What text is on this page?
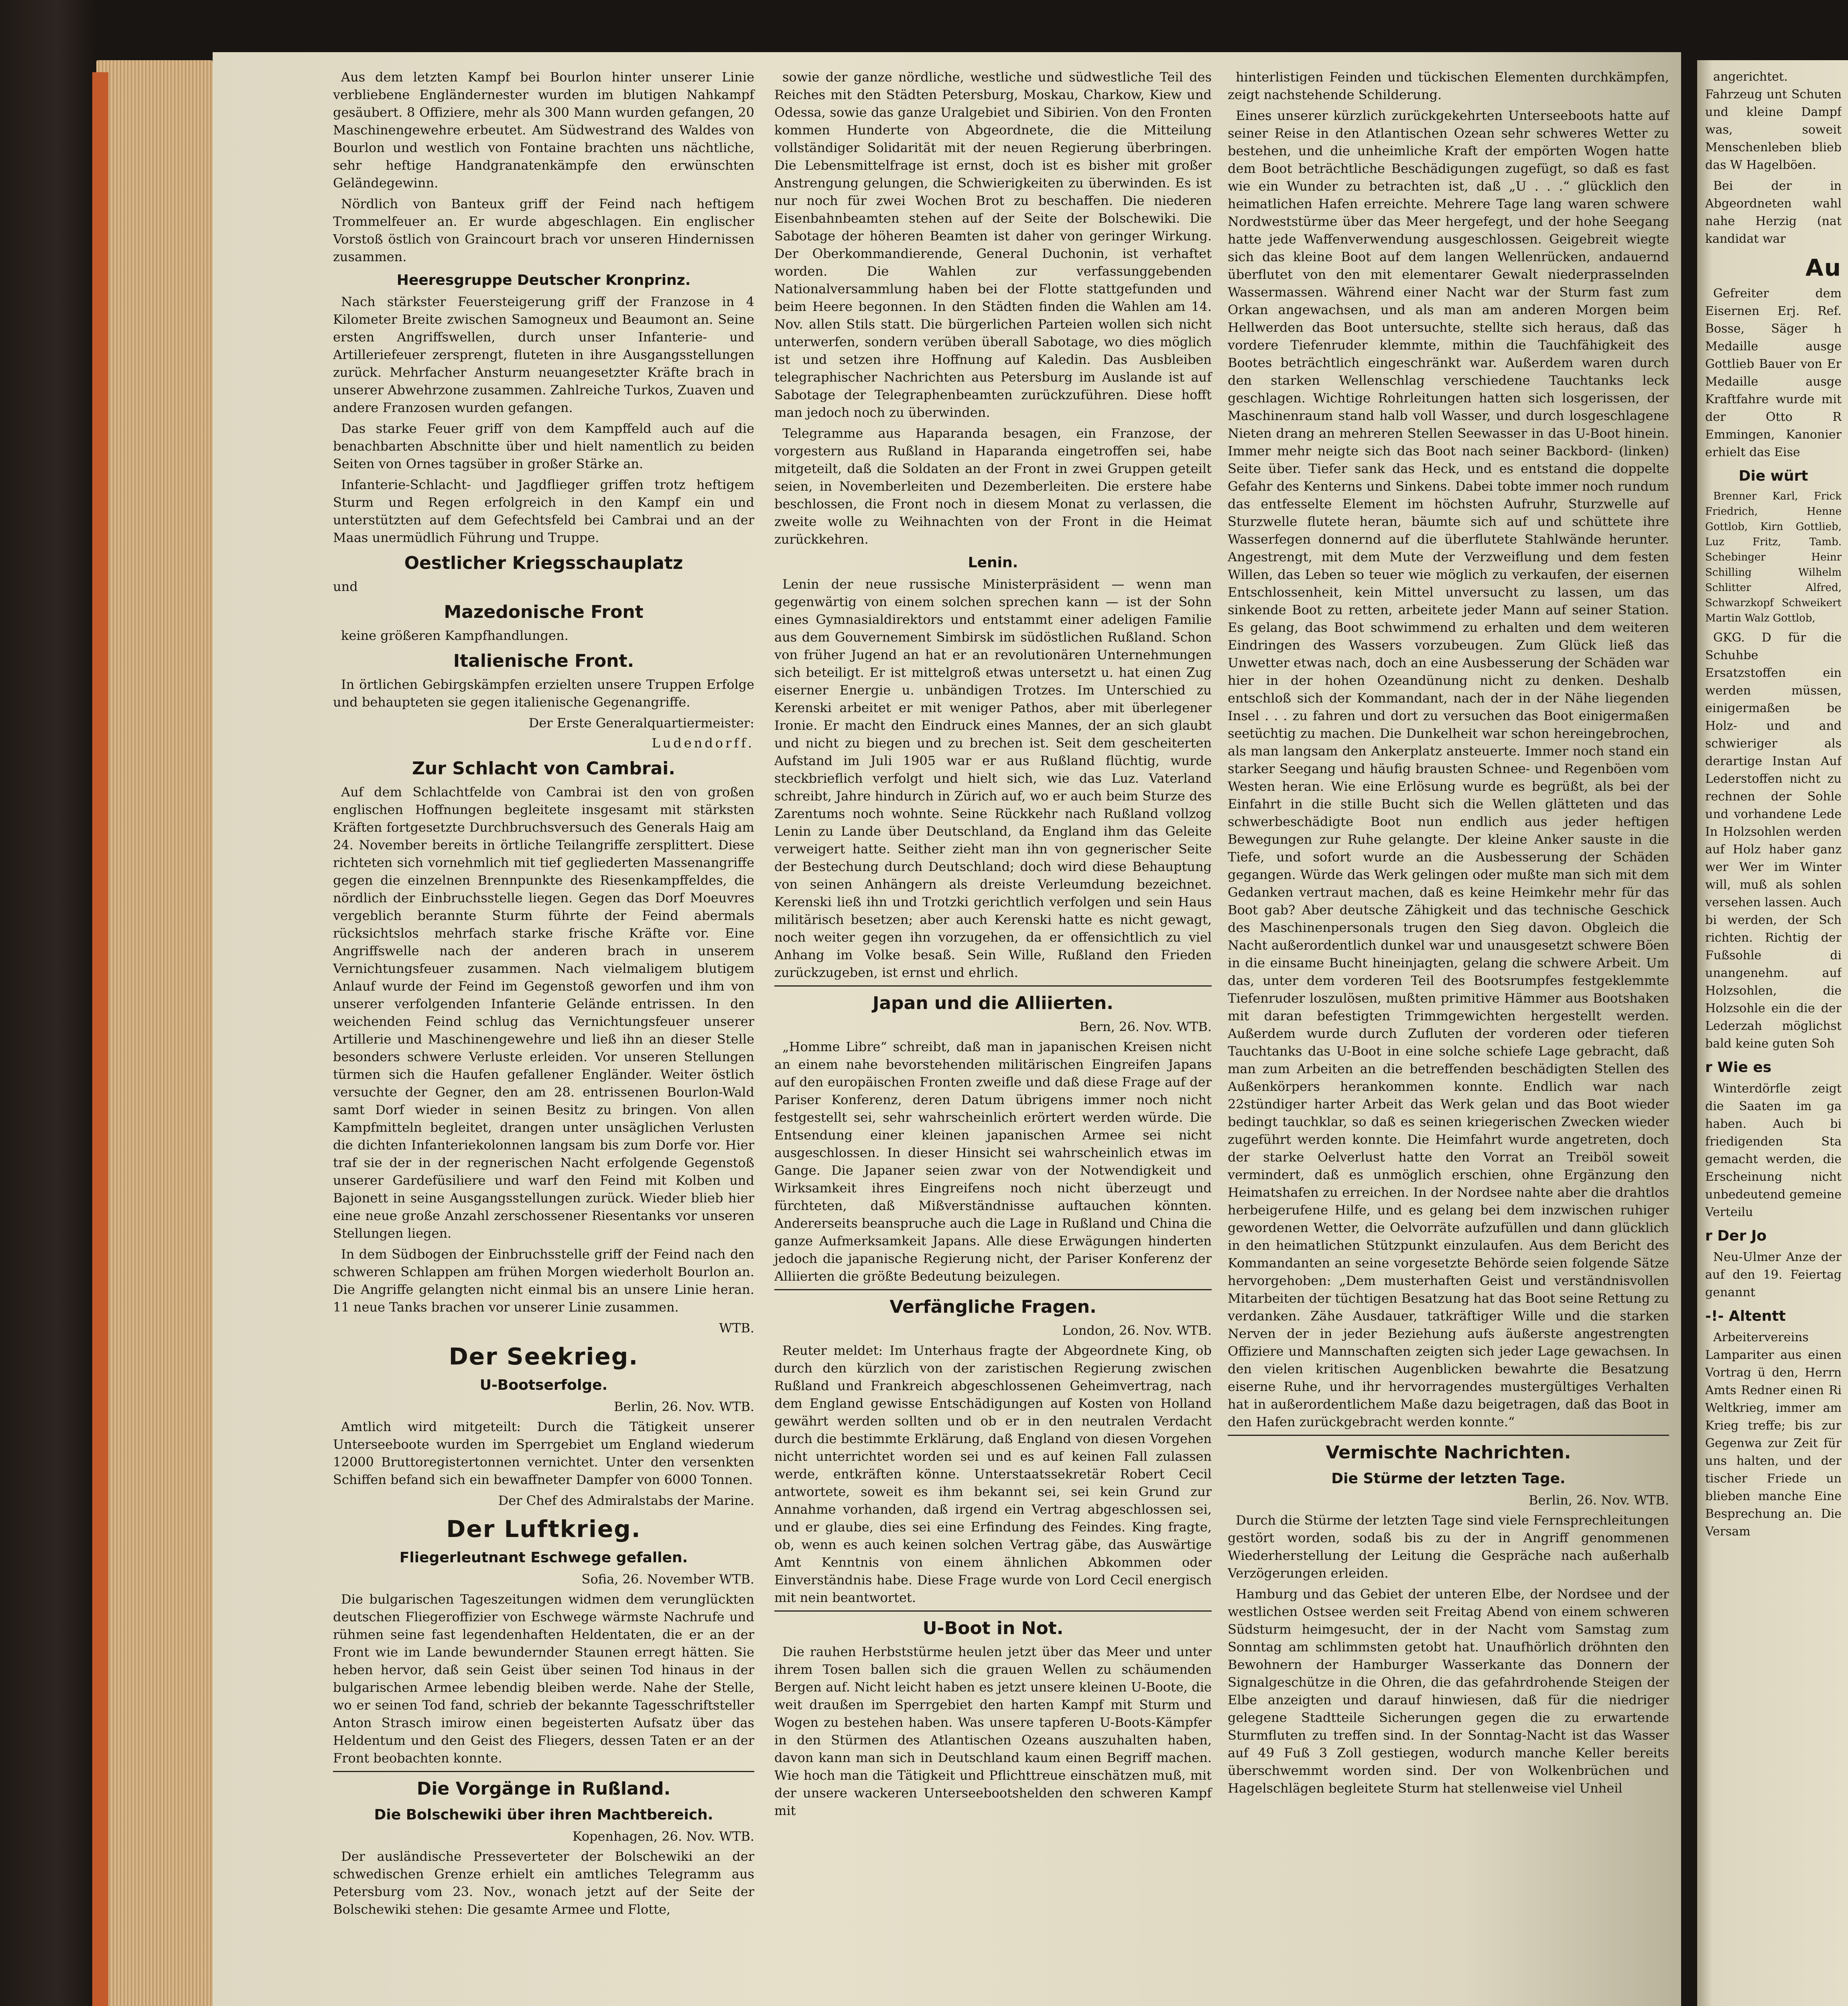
Aus dem letzten Kampf bei Bourlon hinter unserer Linie verbliebene Engländernester wurden im blutigen Nahkampf gesäubert. 8 Offiziere, mehr als 300 Mann wurden gefangen, 20 Maschinengewehre erbeutet. Am Südwestrand des Waldes von Bourlon und westlich von Fontaine brachten uns nächtliche, sehr heftige Handgranatenkämpfe den erwünschten Geländegewinn.

Nördlich von Banteux griff der Feind nach heftigem Trommelfeuer an. Er wurde abgeschlagen. Ein englischer Vorstoß östlich von Graincourt brach vor unseren Hindernissen zusammen.

Heeresgruppe Deutscher Kronprinz.

Nach stärkster Feuersteigerung griff der Franzose in 4 Kilometer Breite zwischen Samogneux und Beaumont an. Seine ersten Angriffswellen, durch unser Infanterie- und Artilleriefeuer zersprengt, fluteten in ihre Ausgangsstellungen zurück. Mehrfacher Ansturm neuangesetzter Kräfte brach in unserer Abwehrzone zusammen. Zahlreiche Turkos, Zuaven und andere Franzosen wurden gefangen.

Das starke Feuer griff von dem Kampffeld auch auf die benachbarten Abschnitte über und hielt namentlich zu beiden Seiten von Ornes tagsüber in großer Stärke an.

Infanterie-Schlacht- und Jagdflieger griffen trotz heftigem Sturm und Regen erfolgreich in den Kampf ein und unterstützten auf dem Gefechtsfeld bei Cambrai und an der Maas unermüdlich Führung und Truppe.

Oestlicher Kriegsschauplatz
und
Mazedonische Front

keine größeren Kampfhandlungen.

Italienische Front.

In örtlichen Gebirgskämpfen erzielten unsere Truppen Erfolge und behaupteten sie gegen italienische Gegenangriffe.

Der Erste Generalquartiermeister:
Ludendorff.
Zur Schlacht von Cambrai.

Auf dem Schlachtfelde von Cambrai ist den von großen englischen Hoffnungen begleitete insgesamt mit stärksten Kräften fortgesetzte Durchbruchsversuch des Generals Haig am 24. November bereits in örtliche Teilangriffe zersplittert. Diese richteten sich vornehmlich mit tief gegliederten Massenangriffe gegen die einzelnen Brennpunkte des Riesenkampffeldes, die nördlich der Einbruchsstelle liegen. Gegen das Dorf Moeuvres vergeblich berannte Sturm führte der Feind abermals rücksichtslos mehrfach starke frische Kräfte vor. Eine Angriffswelle nach der anderen brach in unserem Vernichtungsfeuer zusammen. Nach vielmaligem blutigem Anlauf wurde der Feind im Gegenstoß geworfen und ihm von unserer verfolgenden Infanterie Gelände entrissen. In den weichenden Feind schlug das Vernichtungsfeuer unserer Artillerie und Maschinengewehre und ließ ihn an dieser Stelle besonders schwere Verluste erleiden. Vor unseren Stellungen türmen sich die Haufen gefallener Engländer. Weiter östlich versuchte der Gegner, den am 28. entrissenen Bourlon-Wald samt Dorf wieder in seinen Besitz zu bringen. Von allen Kampfmitteln begleitet, drangen unter unsäglichen Verlusten die dichten Infanteriekolonnen langsam bis zum Dorfe vor. Hier traf sie der in der regnerischen Nacht erfolgende Gegenstoß unserer Gardefüsiliere und warf den Feind mit Kolben und Bajonett in seine Ausgangsstellungen zurück. Wieder blieb hier eine neue große Anzahl zerschossener Riesentanks vor unseren Stellungen liegen.

In dem Südbogen der Einbruchsstelle griff der Feind nach den schweren Schlappen am frühen Morgen wiederholt Bourlon an. Die Angriffe gelangten nicht einmal bis an unsere Linie heran. 11 neue Tanks brachen vor unserer Linie zusammen.

WTB.
Der Seekrieg.
U-Bootserfolge.
Berlin, 26. Nov. WTB.

Amtlich wird mitgeteilt: Durch die Tätigkeit unserer Unterseeboote wurden im Sperrgebiet um England wiederum 12000 Bruttoregistertonnen vernichtet. Unter den versenkten Schiffen befand sich ein bewaffneter Dampfer von 6000 Tonnen.

Der Chef des Admiralstabs der Marine.
Der Luftkrieg.
Fliegerleutnant Eschwege gefallen.
Sofia, 26. November WTB.

Die bulgarischen Tageszeitungen widmen dem verunglückten deutschen Fliegeroffizier von Eschwege wärmste Nachrufe und rühmen seine fast legendenhaften Heldentaten, die er an der Front wie im Lande bewundernder Staunen erregt hätten. Sie heben hervor, daß sein Geist über seinen Tod hinaus in der bulgarischen Armee lebendig bleiben werde. Nahe der Stelle, wo er seinen Tod fand, schrieb der bekannte Tagesschriftsteller Anton Strasch imirow einen begeisterten Aufsatz über das Heldentum und den Geist des Fliegers, dessen Taten er an der Front beobachten konnte.

Die Vorgänge in Rußland.
Die Bolschewiki über ihren Machtbereich.
Kopenhagen, 26. Nov. WTB.

Der ausländische Presseverteter der Bolschewiki an der schwedischen Grenze erhielt ein amtliches Telegramm aus Petersburg vom 23. Nov., wonach jetzt auf der Seite der Bolschewiki stehen: Die gesamte Armee und Flotte,

sowie der ganze nördliche, westliche und südwestliche Teil des Reiches mit den Städten Petersburg, Moskau, Charkow, Kiew und Odessa, sowie das ganze Uralgebiet und Sibirien. Von den Fronten kommen Hunderte von Abgeordnete, die die Mitteilung vollständiger Solidarität mit der neuen Regierung überbringen. Die Lebensmittelfrage ist ernst, doch ist es bisher mit großer Anstrengung gelungen, die Schwierigkeiten zu überwinden. Es ist nur noch für zwei Wochen Brot zu beschaffen. Die niederen Eisenbahnbeamten stehen auf der Seite der Bolschewiki. Die Sabotage der höheren Beamten ist daher von geringer Wirkung. Der Oberkommandierende, General Duchonin, ist verhaftet worden. Die Wahlen zur verfassunggebenden Nationalversammlung haben bei der Flotte stattgefunden und beim Heere begonnen. In den Städten finden die Wahlen am 14. Nov. allen Stils statt. Die bürgerlichen Parteien wollen sich nicht unterwerfen, sondern verüben überall Sabotage, wo dies möglich ist und setzen ihre Hoffnung auf Kaledin. Das Ausbleiben telegraphischer Nachrichten aus Petersburg im Auslande ist auf Sabotage der Telegraphenbeamten zurückzuführen. Diese hofft man jedoch noch zu überwinden.

Telegramme aus Haparanda besagen, ein Franzose, der vorgestern aus Rußland in Haparanda eingetroffen sei, habe mitgeteilt, daß die Soldaten an der Front in zwei Gruppen geteilt seien, in Novemberleiten und Dezemberleiten. Die erstere habe beschlossen, die Front noch in diesem Monat zu verlassen, die zweite wolle zu Weihnachten von der Front in die Heimat zurückkehren.

Lenin.

Lenin der neue russische Ministerpräsident — wenn man gegenwärtig von einem solchen sprechen kann — ist der Sohn eines Gymnasialdirektors und entstammt einer adeligen Familie aus dem Gouvernement Simbirsk im südöstlichen Rußland. Schon von früher Jugend an hat er an revolutionären Unternehmungen sich beteiligt. Er ist mittelgroß etwas untersetzt u. hat einen Zug eiserner Energie u. unbändigen Trotzes. Im Unterschied zu Kerenski arbeitet er mit weniger Pathos, aber mit überlegener Ironie. Er macht den Eindruck eines Mannes, der an sich glaubt und nicht zu biegen und zu brechen ist. Seit dem gescheiterten Aufstand im Juli 1905 war er aus Rußland flüchtig, wurde steckbrieflich verfolgt und hielt sich, wie das Luz. Vaterland schreibt, Jahre hindurch in Zürich auf, wo er auch beim Sturze des Zarentums noch wohnte. Seine Rückkehr nach Rußland vollzog Lenin zu Lande über Deutschland, da England ihm das Geleite verweigert hatte. Seither zieht man ihn von gegnerischer Seite der Bestechung durch Deutschland; doch wird diese Behauptung von seinen Anhängern als dreiste Verleumdung bezeichnet. Kerenski ließ ihn und Trotzki gerichtlich verfolgen und sein Haus militärisch besetzen; aber auch Kerenski hatte es nicht gewagt, noch weiter gegen ihn vorzugehen, da er offensichtlich zu viel Anhang im Volke besaß. Sein Wille, Rußland den Frieden zurückzugeben, ist ernst und ehrlich.

Japan und die Alliierten.
Bern, 26. Nov. WTB.

„Homme Libre“ schreibt, daß man in japanischen Kreisen nicht an einem nahe bevorstehenden militärischen Eingreifen Japans auf den europäischen Fronten zweifle und daß diese Frage auf der Pariser Konferenz, deren Datum übrigens immer noch nicht festgestellt sei, sehr wahrscheinlich erörtert werden würde. Die Entsendung einer kleinen japanischen Armee sei nicht ausgeschlossen. In dieser Hinsicht sei wahrscheinlich etwas im Gange. Die Japaner seien zwar von der Notwendigkeit und Wirksamkeit ihres Eingreifens noch nicht überzeugt und fürchteten, daß Mißverständnisse auftauchen könnten. Andererseits beanspruche auch die Lage in Rußland und China die ganze Aufmerksamkeit Japans. Alle diese Erwägungen hinderten jedoch die japanische Regierung nicht, der Pariser Konferenz der Alliierten die größte Bedeutung beizulegen.

Verfängliche Fragen.
London, 26. Nov. WTB.

Reuter meldet: Im Unterhaus fragte der Abgeordnete King, ob durch den kürzlich von der zaristischen Regierung zwischen Rußland und Frankreich abgeschlossenen Geheimvertrag, nach dem England gewisse Entschädigungen auf Kosten von Holland gewährt werden sollten und ob er in den neutralen Verdacht durch die bestimmte Erklärung, daß England von diesen Vorgehen nicht unterrichtet worden sei und es auf keinen Fall zulassen werde, entkräften könne. Unterstaatssekretär Robert Cecil antwortete, soweit es ihm bekannt sei, sei kein Grund zur Annahme vorhanden, daß irgend ein Vertrag abgeschlossen sei, und er glaube, dies sei eine Erfindung des Feindes. King fragte, ob, wenn es auch keinen solchen Vertrag gäbe, das Auswärtige Amt Kenntnis von einem ähnlichen Abkommen oder Einverständnis habe. Diese Frage wurde von Lord Cecil energisch mit nein beantwortet.

U-Boot in Not.

Die rauhen Herbststürme heulen jetzt über das Meer und unter ihrem Tosen ballen sich die grauen Wellen zu schäumenden Bergen auf. Nicht leicht haben es jetzt unsere kleinen U-Boote, die weit draußen im Sperrgebiet den harten Kampf mit Sturm und Wogen zu bestehen haben. Was unsere tapferen U-Boots-Kämpfer in den Stürmen des Atlantischen Ozeans auszuhalten haben, davon kann man sich in Deutschland kaum einen Begriff machen. Wie hoch man die Tätigkeit und Pflichttreue einschätzen muß, mit der unsere wackeren Unterseebootshelden den schweren Kampf mit

hinterlistigen Feinden und tückischen Elementen durchkämpfen, zeigt nachstehende Schilderung.

Eines unserer kürzlich zurückgekehrten Unterseeboots hatte auf seiner Reise in den Atlantischen Ozean sehr schweres Wetter zu bestehen, und die unheimliche Kraft der empörten Wogen hatte dem Boot beträchtliche Beschädigungen zugefügt, so daß es fast wie ein Wunder zu betrachten ist, daß „U . . .“ glücklich den heimatlichen Hafen erreichte. Mehrere Tage lang waren schwere Nordweststürme über das Meer hergefegt, und der hohe Seegang hatte jede Waffenverwendung ausgeschlossen. Geigebreit wiegte sich das kleine Boot auf dem langen Wellenrücken, andauernd überflutet von den mit elementarer Gewalt niederprasselnden Wassermassen. Während einer Nacht war der Sturm fast zum Orkan angewachsen, und als man am anderen Morgen beim Hellwerden das Boot untersuchte, stellte sich heraus, daß das vordere Tiefenruder klemmte, mithin die Tauchfähigkeit des Bootes beträchtlich eingeschränkt war. Außerdem waren durch den starken Wellenschlag verschiedene Tauchtanks leck geschlagen. Wichtige Rohrleitungen hatten sich losgerissen, der Maschinenraum stand halb voll Wasser, und durch losgeschlagene Nieten drang an mehreren Stellen Seewasser in das U-Boot hinein. Immer mehr neigte sich das Boot nach seiner Backbord- (linken) Seite über. Tiefer sank das Heck, und es entstand die doppelte Gefahr des Kenterns und Sinkens. Dabei tobte immer noch rundum das entfesselte Element im höchsten Aufruhr, Sturzwelle auf Sturzwelle flutete heran, bäumte sich auf und schüttete ihre Wasserfegen donnernd auf die überflutete Stahlwände herunter. Angestrengt, mit dem Mute der Verzweiflung und dem festen Willen, das Leben so teuer wie möglich zu verkaufen, der eisernen Entschlossenheit, kein Mittel unversucht zu lassen, um das sinkende Boot zu retten, arbeitete jeder Mann auf seiner Station. Es gelang, das Boot schwimmend zu erhalten und dem weiteren Eindringen des Wassers vorzubeugen. Zum Glück ließ das Unwetter etwas nach, doch an eine Ausbesserung der Schäden war hier in der hohen Ozeandünung nicht zu denken. Deshalb entschloß sich der Kommandant, nach der in der Nähe liegenden Insel . . . zu fahren und dort zu versuchen das Boot einigermaßen seetüchtig zu machen. Die Dunkelheit war schon hereingebrochen, als man langsam den Ankerplatz ansteuerte. Immer noch stand ein starker Seegang und häufig brausten Schnee- und Regenböen vom Westen heran. Wie eine Erlösung wurde es begrüßt, als bei der Einfahrt in die stille Bucht sich die Wellen glätteten und das schwerbeschädigte Boot nun endlich aus jeder heftigen Bewegungen zur Ruhe gelangte. Der kleine Anker sauste in die Tiefe, und sofort wurde an die Ausbesserung der Schäden gegangen. Würde das Werk gelingen oder mußte man sich mit dem Gedanken vertraut machen, daß es keine Heimkehr mehr für das Boot gab? Aber deutsche Zähigkeit und das technische Geschick des Maschinenpersonals trugen den Sieg davon. Obgleich die Nacht außerordentlich dunkel war und unausgesetzt schwere Böen in die einsame Bucht hineinjagten, gelang die schwere Arbeit. Um das, unter dem vorderen Teil des Bootsrumpfes festgeklemmte Tiefenruder loszulösen, mußten primitive Hämmer aus Bootshaken mit daran befestigten Trimmgewichten hergestellt werden. Außerdem wurde durch Zufluten der vorderen oder tieferen Tauchtanks das U-Boot in eine solche schiefe Lage gebracht, daß man zum Arbeiten an die betreffenden beschädigten Stellen des Außenkörpers herankommen konnte. Endlich war nach 22stündiger harter Arbeit das Werk gelan und das Boot wieder bedingt tauchklar, so daß es seinen kriegerischen Zwecken wieder zugeführt werden konnte. Die Heimfahrt wurde angetreten, doch der starke Oelverlust hatte den Vorrat an Treiböl soweit vermindert, daß es unmöglich erschien, ohne Ergänzung den Heimatshafen zu erreichen. In der Nordsee nahte aber die drahtlos herbeigerufene Hilfe, und es gelang bei dem inzwischen ruhiger gewordenen Wetter, die Oelvorräte aufzufüllen und dann glücklich in den heimatlichen Stützpunkt einzulaufen. Aus dem Bericht des Kommandanten an seine vorgesetzte Behörde seien folgende Sätze hervorgehoben: „Dem musterhaften Geist und verständnisvollen Mitarbeiten der tüchtigen Besatzung hat das Boot seine Rettung zu verdanken. Zähe Ausdauer, tatkräftiger Wille und die starken Nerven der in jeder Beziehung aufs äußerste angestrengten Offiziere und Mannschaften zeigten sich jeder Lage gewachsen. In den vielen kritischen Augenblicken bewahrte die Besatzung eiserne Ruhe, und ihr hervorragendes mustergültiges Verhalten hat in außerordentlichem Maße dazu beigetragen, daß das Boot in den Hafen zurückgebracht werden konnte.“

Vermischte Nachrichten.
Die Stürme der letzten Tage.
Berlin, 26. Nov. WTB.

Durch die Stürme der letzten Tage sind viele Fernsprechleitungen gestört worden, sodaß bis zu der in Angriff genommenen Wiederherstellung der Leitung die Gespräche nach außerhalb Verzögerungen erleiden.

Hamburg und das Gebiet der unteren Elbe, der Nordsee und der westlichen Ostsee werden seit Freitag Abend von einem schweren Südsturm heimgesucht, der in der Nacht vom Samstag zum Sonntag am schlimmsten getobt hat. Unaufhörlich dröhnten den Bewohnern der Hamburger Wasserkante das Donnern der Signalgeschütze in die Ohren, die das gefahrdrohende Steigen der Elbe anzeigten und darauf hinwiesen, daß für die niedriger gelegene Stadtteile Sicherungen gegen die zu erwartende Sturmfluten zu treffen sind. In der Sonntag-Nacht ist das Wasser auf 49 Fuß 3 Zoll gestiegen, wodurch manche Keller bereits überschwemmt worden sind. Der von Wolkenbrüchen und Hagelschlägen begleitete Sturm hat stellenweise viel Unheil

angerichtet. Fahrzeug unt Schuten und kleine Dampf was, soweit Menschenleben blieb das W Hagelböen.

Bei der in Abgeordneten wahl nahe Herzig (nat kandidat war

Au

Gefreiter dem Eisernen Erj. Ref. Bosse, Säger h Medaille ausge Gottlieb Bauer von Er Medaille ausge Kraftfahre wurde mit der Otto R Emmingen, Kanonier erhielt das Eise

Die würt

Brenner Karl, Frick Friedrich, Henne Gottlob, Kirn Gottlieb, Luz Fritz, Tamb. Schebinger Heinr Schilling Wilhelm Schlitter Alfred, Schwarzkopf Schweikert Martin Walz Gottlob,

GKG. D für die Schuhbe Ersatzstoffen ein werden müssen, einigermaßen be Holz- und and schwieriger als derartige Instan Auf Lederstoffen nicht zu rechnen der Sohle und vorhandene Lede In Holzsohlen werden auf Holz haber ganz wer Wer im Winter will, muß als sohlen versehen lassen. Auch bi werden, der Sch richten. Richtig der Fußsohle di unangenehm. auf Holzsohlen, die Holzsohle ein die der Lederzah möglichst bald keine guten Soh

r Wie es

Winterdörfle zeigt die Saaten im ga haben. Auch bi friedigenden Sta gemacht werden, die Erscheinung nicht unbedeutend gemeine Verteilu

r Der Jo

Neu-Ulmer Anze der auf den 19. Feiertag genannt

-!- Altentt

Arbeitervereins Lampariter aus einen Vortrag ü den, Herrn Amts Redner einen Ri Weltkrieg, immer am Krieg treffe; bis zur Gegenwa zur Zeit für uns halten, und der tischer Friede un blieben manche Eine Besprechung an. Die Versam
